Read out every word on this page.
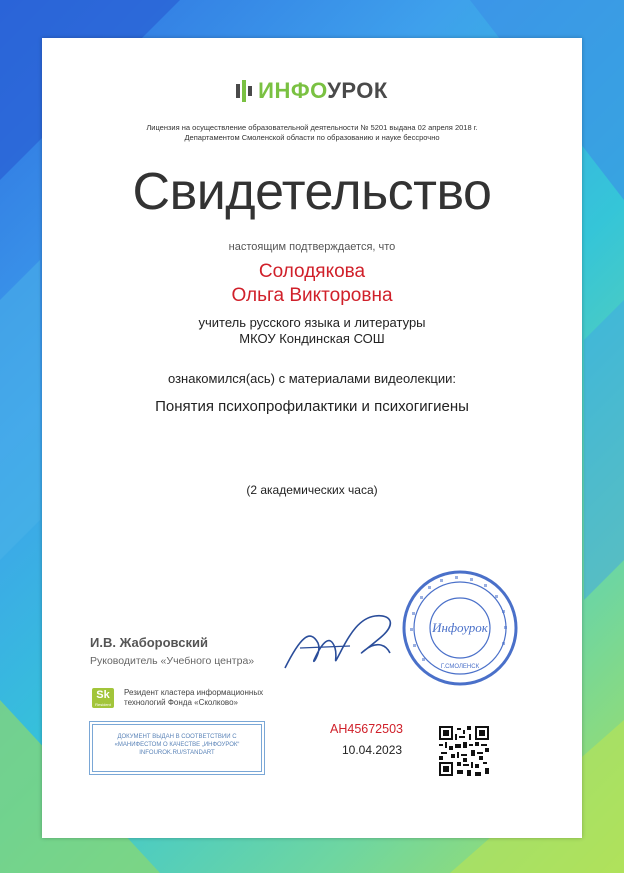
ИНФОУРОК
Лицензия на осуществление образовательной деятельности № 5201 выдана 02 апреля 2018 г.
Департаментом Смоленской области по образованию и науке бессрочно
Свидетельство
настоящим подтверждается, что
Солодякова
Ольга Викторовна
учитель русского языка и литературы
МКОУ Кондинская СОШ
ознакомился(ась) с материалами видеолекции:
Понятия психопрофилактики и психогигиены
(2 академических часа)
И.В. Жаборовский
Руководитель «Учебного центра»
Инфоурок
Г.СМОЛЕНСК
Sk
Resident
Резидент кластера информационных технологий Фонда «Сколково»
ДОКУМЕНТ ВЫДАН В СООТВЕТСТВИИ С
«МАНИФЕСТОМ О КАЧЕСТВЕ „ИНФОУРОК“
INFOUROK.RU/STANDART
АН45672503
10.04.2023
